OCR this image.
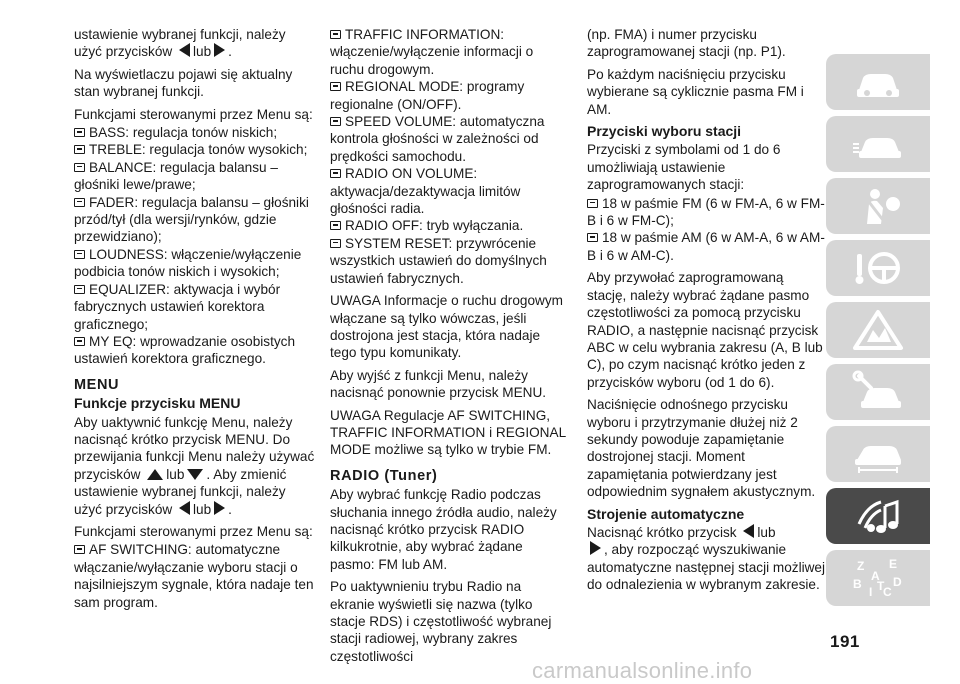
ustawienie wybranej funkcji, należy
użyć przycisków lub .

Na wyświetlaczu pojawi się aktualny stan wybranej funkcji.

Funkcjami sterowanymi przez Menu są:

BASS: regulacja tonów niskich;
TREBLE: regulacja tonów wysokich;
BALANCE: regulacja balansu – głośniki lewe/prawe;
FADER: regulacja balansu – głośniki przód/tył (dla wersji/rynków, gdzie przewidziano);
LOUDNESS: włączenie/wyłączenie podbicia tonów niskich i wysokich;
EQUALIZER: aktywacja i wybór fabrycznych ustawień korektora graficznego;
MY EQ: wprowadzanie osobistych ustawień korektora graficznego.
MENU
Funkcje przycisku MENU

Aby uaktywnić funkcję Menu, należy nacisnąć krótko przycisk MENU. Do przewijania funkcji Menu należy używać
przycisków lub . Aby zmienić ustawienie wybranej funkcji, należy
użyć przycisków lub .

Funkcjami sterowanymi przez Menu są:

AF SWITCHING: automatyczne włączanie/wyłączanie wyboru stacji o najsilniejszym sygnale, która nadaje ten sam program.
TRAFFIC INFORMATION: włączenie/wyłączenie informacji o ruchu drogowym.
REGIONAL MODE: programy regionalne (ON/OFF).
SPEED VOLUME: automatyczna kontrola głośności w zależności od prędkości samochodu.
RADIO ON VOLUME: aktywacja/dezaktywacja limitów głośności radia.
RADIO OFF: tryb wyłączania.
SYSTEM RESET: przywrócenie wszystkich ustawień do domyślnych ustawień fabrycznych.

UWAGA Informacje o ruchu drogowym włączane są tylko wówczas, jeśli dostrojona jest stacja, która nadaje tego typu komunikaty.

Aby wyjść z funkcji Menu, należy nacisnąć ponownie przycisk MENU.

UWAGA Regulacje AF SWITCHING, TRAFFIC INFORMATION i REGIONAL MODE możliwe są tylko w trybie FM.

RADIO (Tuner)

Aby wybrać funkcję Radio podczas słuchania innego źródła audio, należy nacisnąć krótko przycisk RADIO kilkukrotnie, aby wybrać żądane pasmo: FM lub AM.

Po uaktywnieniu trybu Radio na ekranie wyświetli się nazwa (tylko stacje RDS) i częstotliwość wybranej stacji radiowej, wybrany zakres częstotliwości

(np. FMA) i numer przycisku zaprogramowanej stacji (np. P1).

Po każdym naciśnięciu przycisku wybierane są cyklicznie pasma FM i AM.

Przyciski wyboru stacji

Przyciski z symbolami od 1 do 6 umożliwiają ustawienie zaprogramowanych stacji:

18 w paśmie FM (6 w FM-A, 6 w FM-B i 6 w FM-C);
18 w paśmie AM (6 w AM-A, 6 w AM-B i 6 w AM-C).

Aby przywołać zaprogramowaną stację, należy wybrać żądane pasmo częstotliwości za pomocą przycisku RADIO, a następnie nacisnąć przycisk ABC w celu wybrania zakresu (A, B lub C), po czym nacisnąć krótko jeden z przycisków wyboru (od 1 do 6).

Naciśnięcie odnośnego przycisku wyboru i przytrzymanie dłużej niż 2 sekundy powoduje zapamiętanie dostrojonej stacji. Moment zapamiętania potwierdzany jest odpowiednim sygnałem akustycznym.

Strojenie automatyczne

Nacisnąć krótko przycisk lub
, aby rozpocząć wyszukiwanie automatyczne następnej stacji możliwej do odnalezienia w wybranym zakresie.

Z E
A
B
I C
T D
191
carmanualsonline.info
